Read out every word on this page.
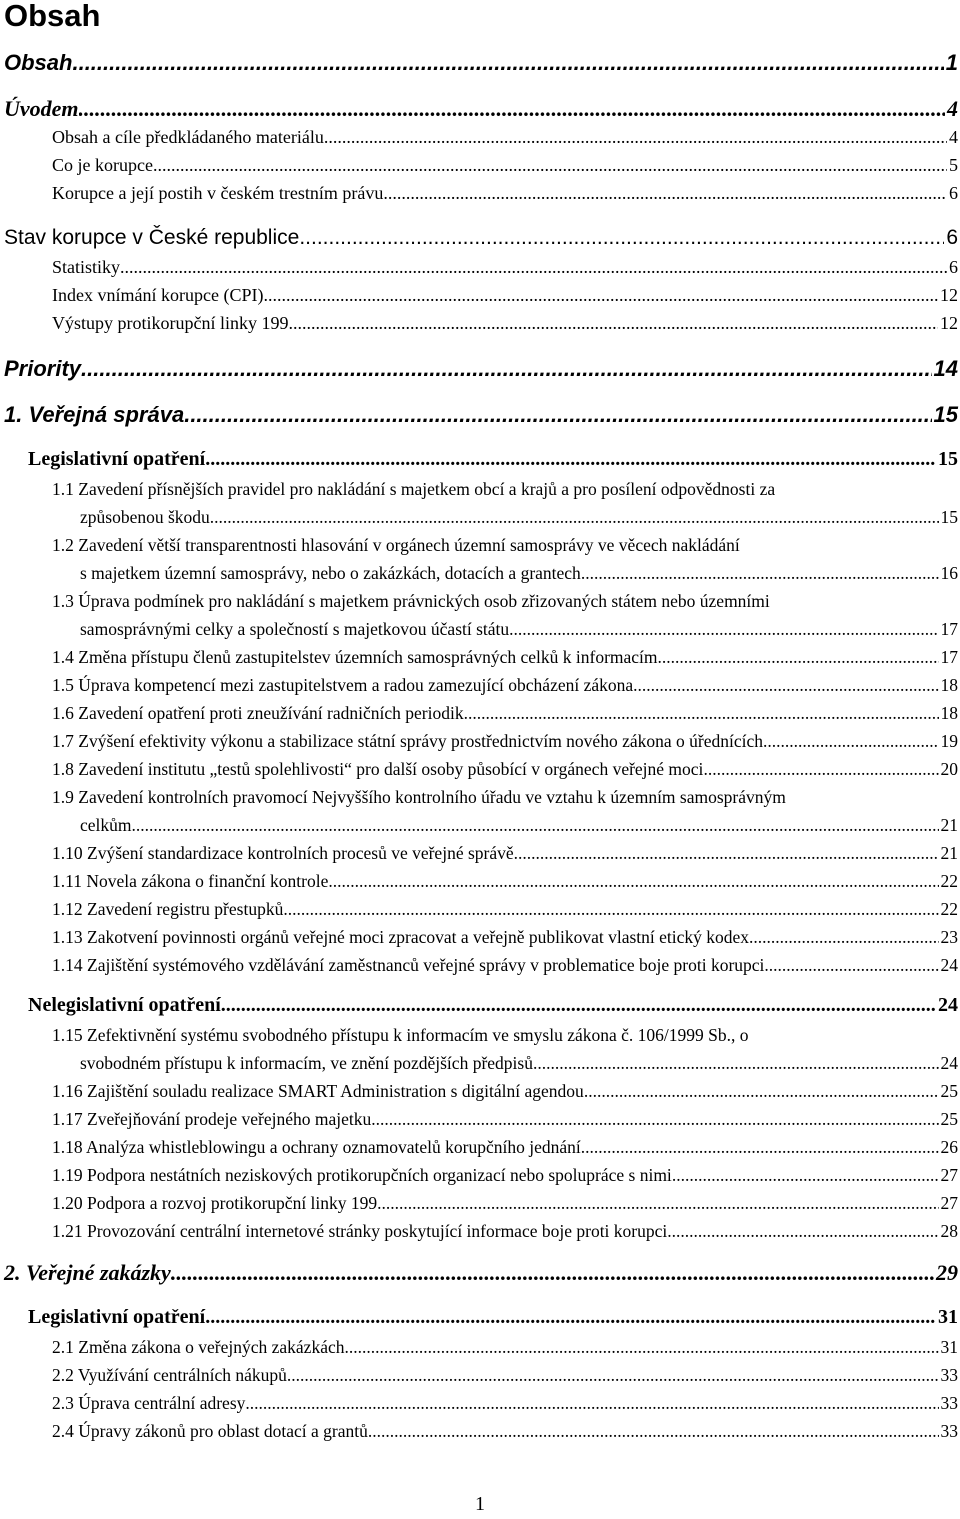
Obsah
Obsah .....	1
Úvodem .....	4
Obsah a cíle předkládaného materiálu .....	4
Co je korupce .....	5
Korupce a její postih v českém trestním právu .....	6
Stav korupce v České republice .....	6
Statistiky .....	6
Index vnímání korupce (CPI) .....	12
Výstupy protikorupční linky 199 .....	12
Priority .....	14
1. Veřejná správa .....	15
Legislativní opatření .....	15
1.1 Zavedení přísnějších pravidel pro nakládání s majetkem obcí a krajů a pro posílení odpovědnosti za
způsobenou škodu .....	15
1.2 Zavedení větší transparentnosti hlasování v orgánech územní samosprávy ve věcech nakládání
s majetkem územní samosprávy, nebo o zakázkách, dotacích a grantech .....	16
1.3 Úprava podmínek pro nakládání s majetkem právnických osob zřizovaných státem nebo územními
samosprávnými celky a společností s majetkovou účastí státu .....	17
1.4 Změna přístupu členů zastupitelstev územních samosprávných celků k informacím .....	17
1.5 Úprava kompetencí mezi zastupitelstvem a radou zamezující obcházení zákona .....	18
1.6 Zavedení opatření proti zneužívání radničních periodik .....	18
1.7 Zvýšení efektivity výkonu a stabilizace státní správy prostřednictvím nového zákona o úřednících .....	19
1.8 Zavedení institutu „testů spolehlivosti“ pro další osoby působící v orgánech veřejné moci .....	20
1.9 Zavedení kontrolních pravomocí Nejvyššího kontrolního úřadu ve vztahu k územním samosprávným
celkům .....	21
1.10 Zvýšení standardizace kontrolních procesů ve veřejné správě .....	21
1.11 Novela zákona o finanční kontrole .....	22
1.12 Zavedení registru přestupků .....	22
1.13 Zakotvení povinnosti orgánů veřejné moci zpracovat a veřejně publikovat vlastní etický kodex .....	23
1.14 Zajištění systémového vzdělávání zaměstnanců veřejné správy v problematice boje proti korupci .....	24
Nelegislativní opatření .....	24
1.15 Zefektivnění systému svobodného přístupu k informacím ve smyslu zákona č. 106/1999 Sb., o
svobodném přístupu k informacím, ve znění pozdějších předpisů .....	24
1.16 Zajištění souladu realizace SMART Administration s digitální agendou .....	25
1.17 Zveřejňování prodeje veřejného majetku .....	25
1.18 Analýza whistleblowingu a ochrany oznamovatelů korupčního jednání .....	26
1.19 Podpora nestátních neziskových protikorupčních organizací nebo spolupráce s nimi .....	27
1.20 Podpora a rozvoj protikorupční linky 199 .....	27
1.21 Provozování centrální internetové stránky poskytující informace boje proti korupci .....	28
2. Veřejné zakázky .....	29
Legislativní opatření .....	31
2.1 Změna zákona o veřejných zakázkách .....	31
2.2 Využívání centrálních nákupů .....	33
2.3 Úprava centrální adresy .....	33
2.4 Úpravy zákonů pro oblast dotací a grantů .....	33
1
